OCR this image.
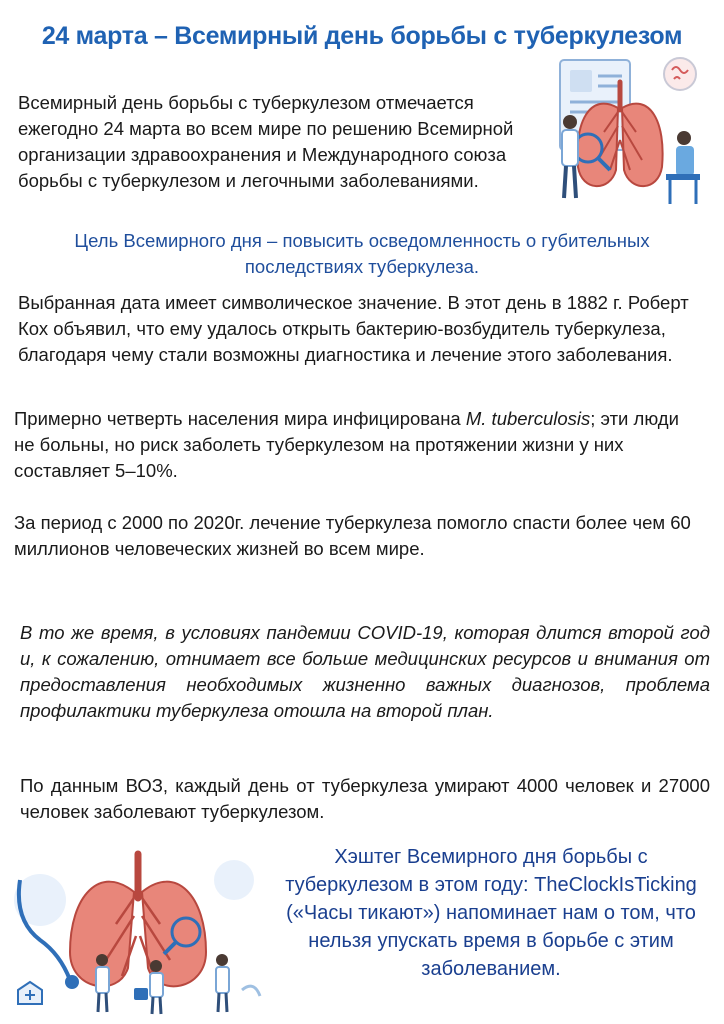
24 марта – Всемирный день борьбы с туберкулезом

Всемирный день борьбы с туберкулезом отмечается ежегодно 24 марта во всем мире по решению Всемирной организации здравоохранения и Международного союза борьбы с туберкулезом и легочными заболеваниями.

Цель Всемирного дня – повысить осведомленность о губительных последствиях туберкулеза.

Выбранная дата имеет символическое значение. В этот день в 1882 г. Роберт Кох объявил, что ему удалось открыть бактерию-возбудитель туберкулеза, благодаря чему стали возможны диагностика и лечение этого заболевания.

Примерно четверть населения мира инфицирована M. tuberculosis; эти люди не больны, но риск заболеть туберкулезом на протяжении жизни у них составляет 5–10%.

За период с 2000 по 2020г. лечение туберкулеза помогло спасти более чем 60 миллионов человеческих жизней во всем мире.

В то же время, в условиях пандемии COVID-19, которая длится второй год и, к сожалению, отнимает все больше медицинских ресурсов и внимания от предоставления необходимых жизненно важных диагнозов, проблема профилактики туберкулеза отошла на второй план.

По данным ВОЗ, каждый день от туберкулеза умирают 4000 человек и 27000 человек заболевают туберкулезом.

Хэштег Всемирного дня борьбы с туберкулезом в этом году: TheClockIsTicking («Часы тикают») напоминает нам о том, что нельзя упускать время в борьбе с этим заболеванием.
